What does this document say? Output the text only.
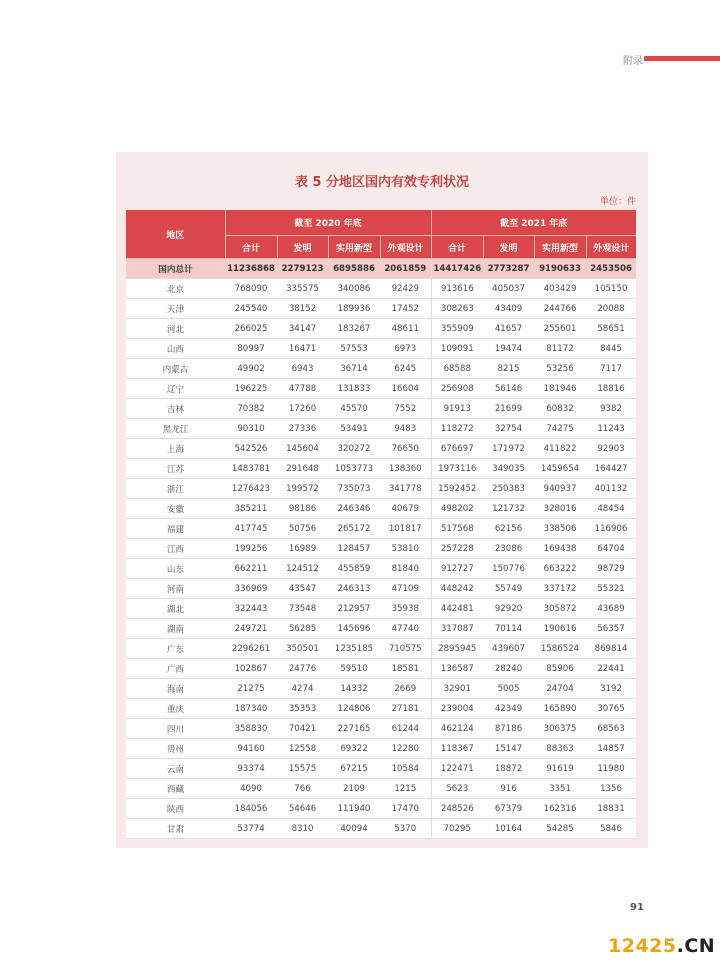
附录
表 5 分地区国内有效专利状况
单位：件
地区	截至 2020 年底				截至 2021 年底			
	合计	发明	实用新型	外观设计	合计	发明	实用新型	外观设计
国内总计	11236868	2279123	6895886	2061859	14417426	2773287	9190633	2453506
北京	768090	335575	340086	92429	913616	405037	403429	105150
天津	245540	38152	189936	17452	308263	43409	244766	20088
河北	266025	34147	183267	48611	355909	41657	255601	58651
山西	80997	16471	57553	6973	109091	19474	81172	8445
内蒙古	49902	6943	36714	6245	68588	8215	53256	7117
辽宁	196225	47788	131833	16604	256908	56146	181946	18816
吉林	70382	17260	45570	7552	91913	21699	60832	9382
黑龙江	90310	27336	53491	9483	118272	32754	74275	11243
上海	542526	145604	320272	76650	676697	171972	411822	92903
江苏	1483781	291648	1053773	138360	1973116	349035	1459654	164427
浙江	1276423	199572	735073	341778	1592452	250383	940937	401132
安徽	385211	98186	246346	40679	498202	121732	328016	48454
福建	417745	50756	265172	101817	517568	62156	338506	116906
江西	199256	16989	128457	53810	257228	23086	169438	64704
山东	662211	124512	455859	81840	912727	150776	663222	98729
河南	336969	43547	246313	47109	448242	55749	337172	55321
湖北	322443	73548	212957	35938	442481	92920	305872	43689
湖南	249721	56285	145696	47740	317087	70114	190616	56357
广东	2296261	350501	1235185	710575	2895945	439607	1586524	869814
广西	102867	24776	59510	18581	136587	28240	85906	22441
海南	21275	4274	14332	2669	32901	5005	24704	3192
重庆	187340	35353	124806	27181	239004	42349	165890	30765
四川	358830	70421	227165	61244	462124	87186	306375	68563
贵州	94160	12558	69322	12280	118367	15147	88363	14857
云南	93374	15575	67215	10584	122471	18872	91619	11980
西藏	4090	766	2109	1215	5623	916	3351	1356
陕西	184056	54646	111940	17470	248526	67379	162316	18831
甘肃	53774	8310	40094	5370	70295	10164	54285	5846
91
12425.CN
